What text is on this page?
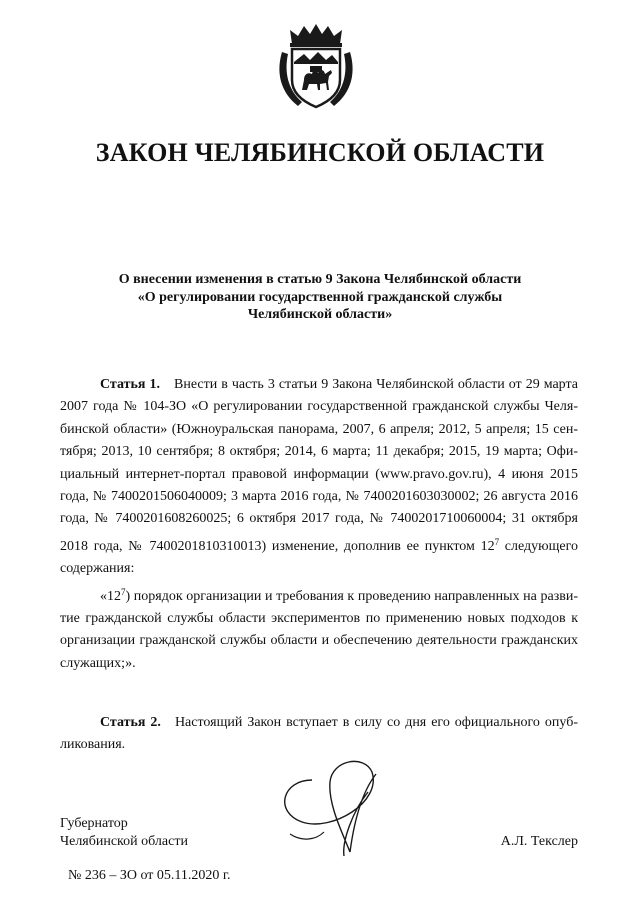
ЗАКОН ЧЕЛЯБИНСКОЙ ОБЛАСТИ
О внесении изменения в статью 9 Закона Челябинской области
«О регулировании государственной гражданской службы
Челябинской области»

Статья 1. Внести в часть 3 статьи 9 Закона Челябинской области от 29 марта 2007 года № 104-ЗО «О регулировании государственной гражданской службы Челябинской области» (Южноуральская панорама, 2007, 6 апреля; 2012, 5 апреля; 15 сентября; 2013, 10 сентября; 8 октября; 2014, 6 марта; 11 декабря; 2015, 19 марта; Официальный интернет-портал правовой информации (www.pravo.gov.ru), 4 июня 2015 года, № 7400201506040009; 3 марта 2016 года, № 7400201603030002; 26 августа 2016 года, № 7400201608260025; 6 октября 2017 года, № 7400201710060004; 31 октября 2018 года, № 7400201810310013) изменение, дополнив ее пунктом $12^7$ следующего содержания:

«$12^7$) порядок организации и требования к проведению направленных на развитие гражданской службы области экспериментов по применению новых подходов к организации гражданской службы области и обеспечению деятельности гражданских служащих;».

Статья 2. Настоящий Закон вступает в силу со дня его официального опубликования.

Губернатор
Челябинской области	А.Л. Текслер
№ 236 – ЗО от 05.11.2020 г.
